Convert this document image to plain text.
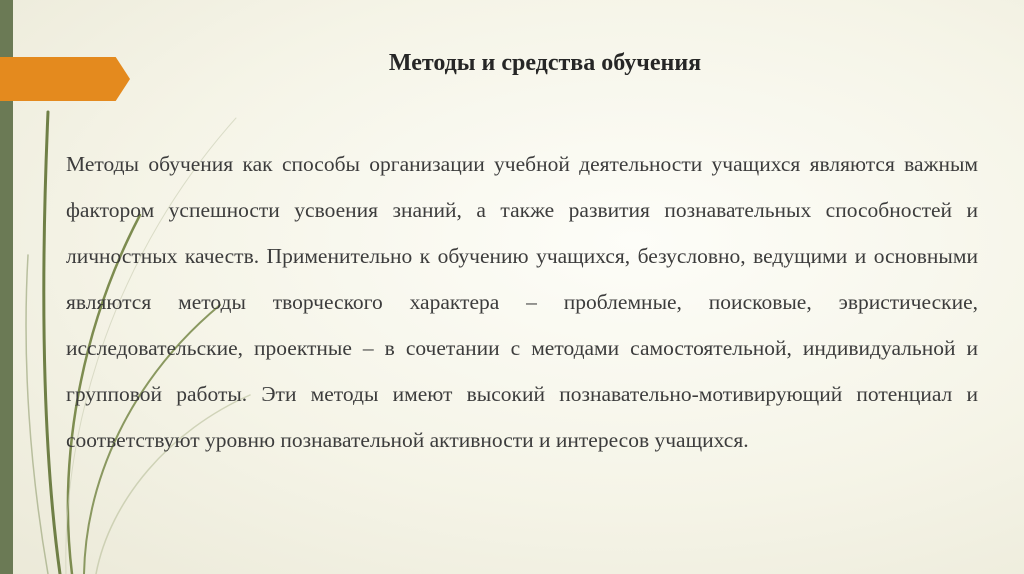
Методы и средства обучения

Методы обучения как способы организации учебной деятельности учащихся являются важным фактором успешности усвоения знаний, а также развития познавательных способностей и личностных качеств. Применительно к обучению учащихся, безусловно, ведущими и основными являются методы творческого характера – проблемные, поисковые, эвристические, исследовательские, проектные – в сочетании с методами самостоятельной, индивидуальной и групповой работы. Эти методы имеют высокий познавательно-мотивирующий потенциал и соответствуют уровню познавательной активности и интересов учащихся.
